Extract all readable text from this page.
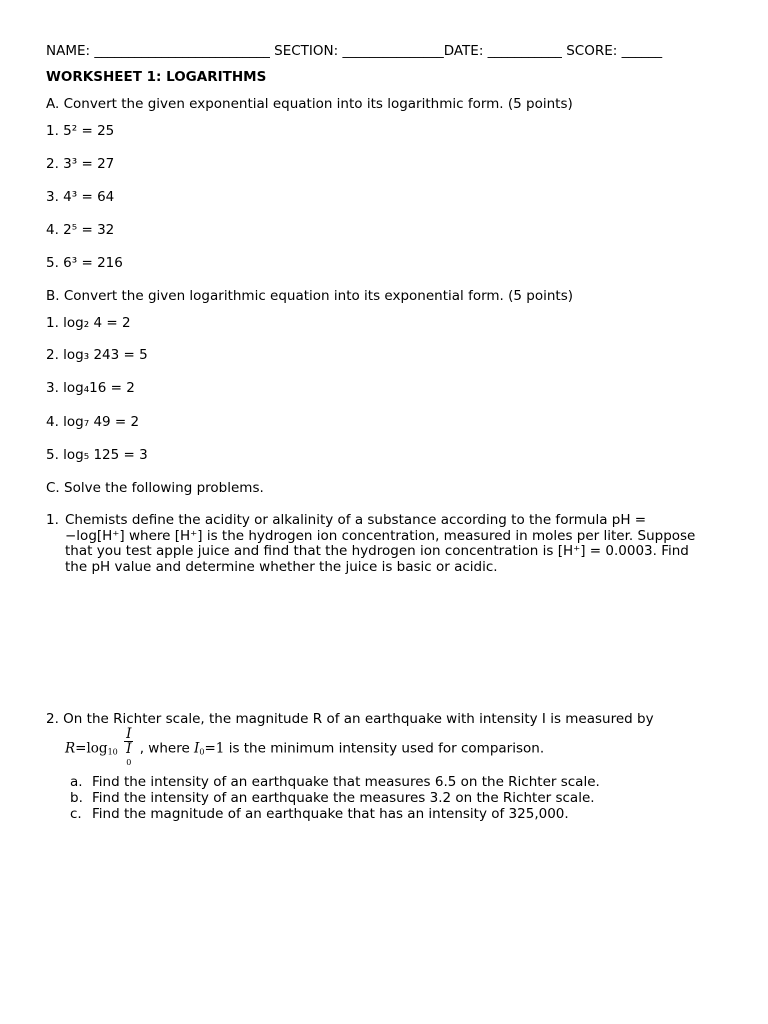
NAME: __________________________ SECTION: _______________DATE: ___________ SCORE: ______
WORKSHEET 1: LOGARITHMS
A. Convert the given exponential equation into its logarithmic form. (5 points)
1. 5² = 25
2. 3³ = 27
3. 4³ = 64
4. 2⁵ = 32
5. 6³ = 216
B. Convert the given logarithmic equation into its exponential form. (5 points)
1. log₂ 4 = 2
2. log₃ 243 = 5
3. log₄16 = 2
4. log₇ 49 = 2
5. log₅ 125 = 3
C. Solve the following problems.
1. Chemists define the acidity or alkalinity of a substance according to the formula pH = −log[H⁺] where [H⁺] is the hydrogen ion concentration, measured in moles per liter. Suppose that you test apple juice and find that the hydrogen ion concentration is [H⁺] = 0.0003. Find the pH value and determine whether the juice is basic or acidic.
2. On the Richter scale, the magnitude R of an earthquake with intensity I is measured by
R=log10 I
I
0 , where I0=1 is the minimum intensity used for comparison.
a. Find the intensity of an earthquake that measures 6.5 on the Richter scale.
b. Find the intensity of an earthquake the measures 3.2 on the Richter scale.
c. Find the magnitude of an earthquake that has an intensity of 325,000.
